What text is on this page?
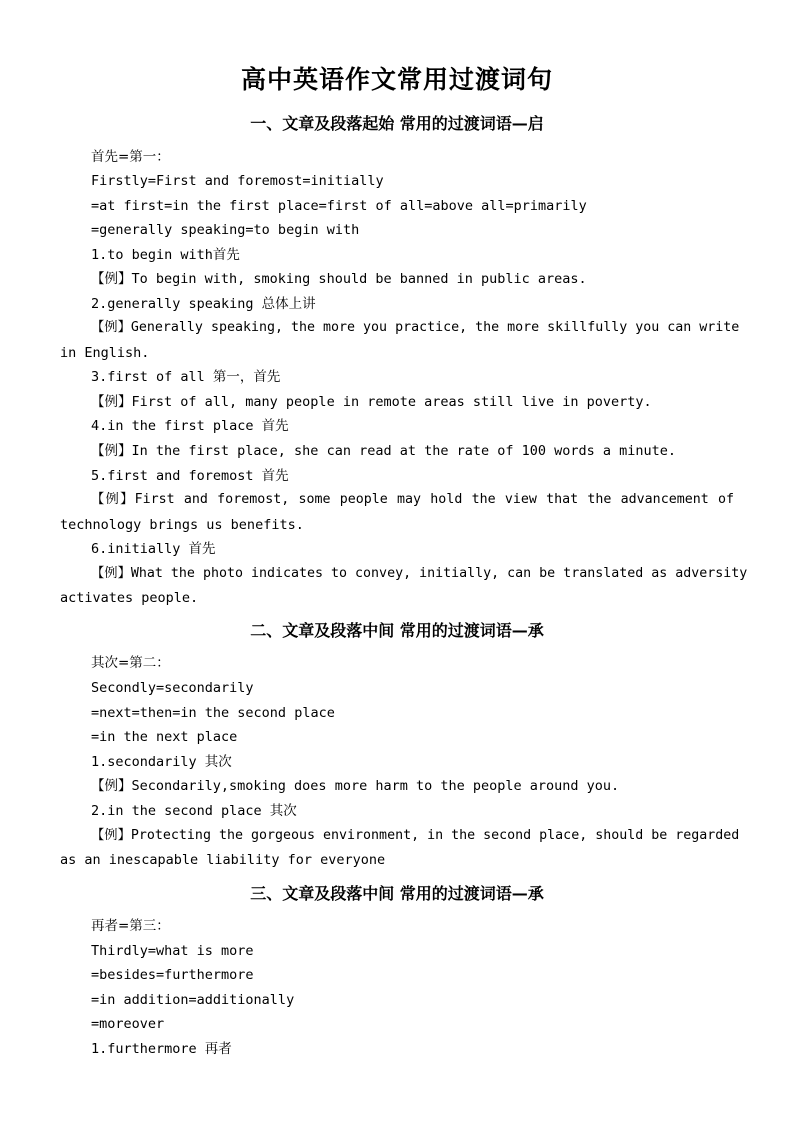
高中英语作文常用过渡词句
一、文章及段落起始 常用的过渡词语—启
首先=第一：
Firstly=First and foremost=initially
=at first=in the first place=first of all=above all=primarily
=generally speaking=to begin with
1.to begin with首先
【例】To begin with, smoking should be banned in public areas.
2.generally speaking 总体上讲
【例】Generally speaking, the more you practice, the more skillfully you can write
in English.
3.first of all 第一，首先
【例】First of all, many people in remote areas still live in poverty.
4.in the first place 首先
【例】In the first place, she can read at the rate of 100 words a minute.
5.first and foremost 首先
【例】First and foremost, some people may hold the view that the advancement of
technology brings us benefits.
6.initially 首先
【例】What the photo indicates to convey, initially, can be translated as adversity
activates people.
二、文章及段落中间 常用的过渡词语—承
其次=第二：
Secondly=secondarily
=next=then=in the second place
=in the next place
1.secondarily 其次
【例】Secondarily,smoking does more harm to the people around you.
2.in the second place 其次
【例】Protecting the gorgeous environment, in the second place, should be regarded
as an inescapable liability for everyone
三、文章及段落中间 常用的过渡词语—承
再者=第三：
Thirdly=what is more
=besides=furthermore
=in addition=additionally
=moreover
1.furthermore 再者
